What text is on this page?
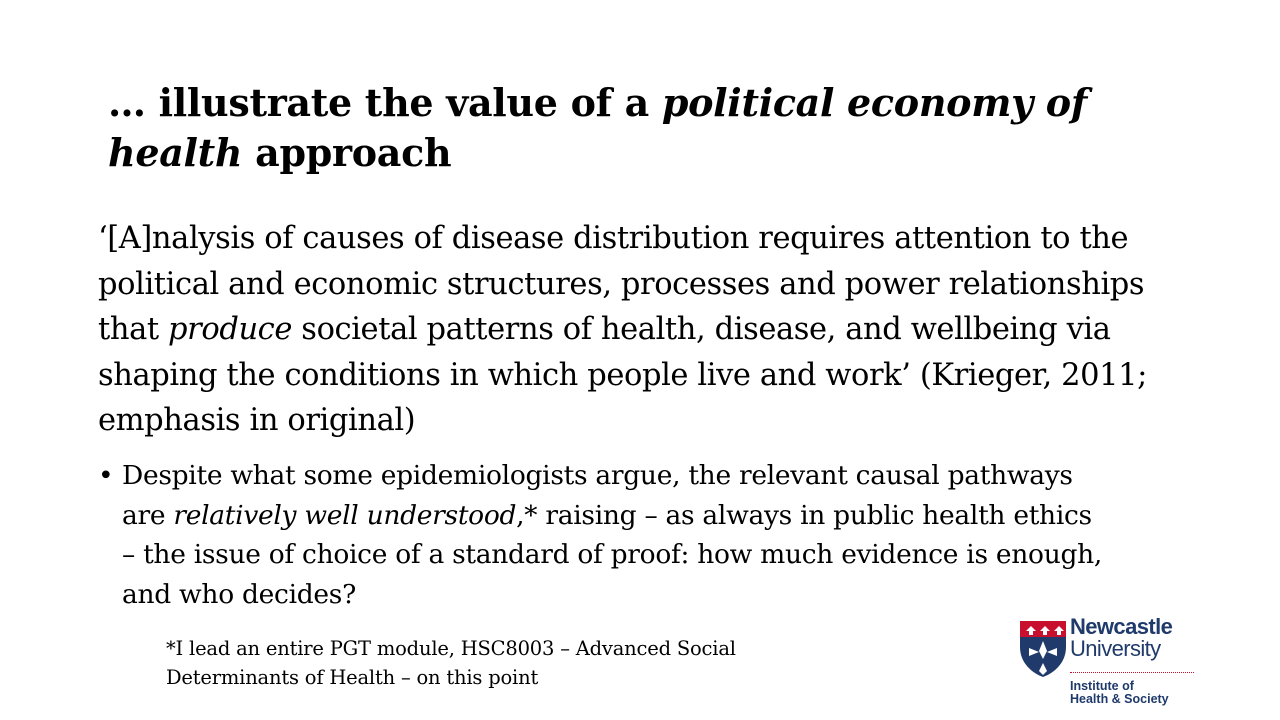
… illustrate the value of a political economy of health approach
‘[A]nalysis of causes of disease distribution requires attention to the political and economic structures, processes and power relationships that produce societal patterns of health, disease, and wellbeing via shaping the conditions in which people live and work’ (Krieger, 2011; emphasis in original)
• Despite what some epidemiologists argue, the relevant causal pathways are relatively well understood,* raising – as always in public health ethics – the issue of choice of a standard of proof: how much evidence is enough, and who decides?
*I lead an entire PGT module, HSC8003 – Advanced Social
Determinants of Health – on this point
Newcastle
University
Institute of
Health & Society
